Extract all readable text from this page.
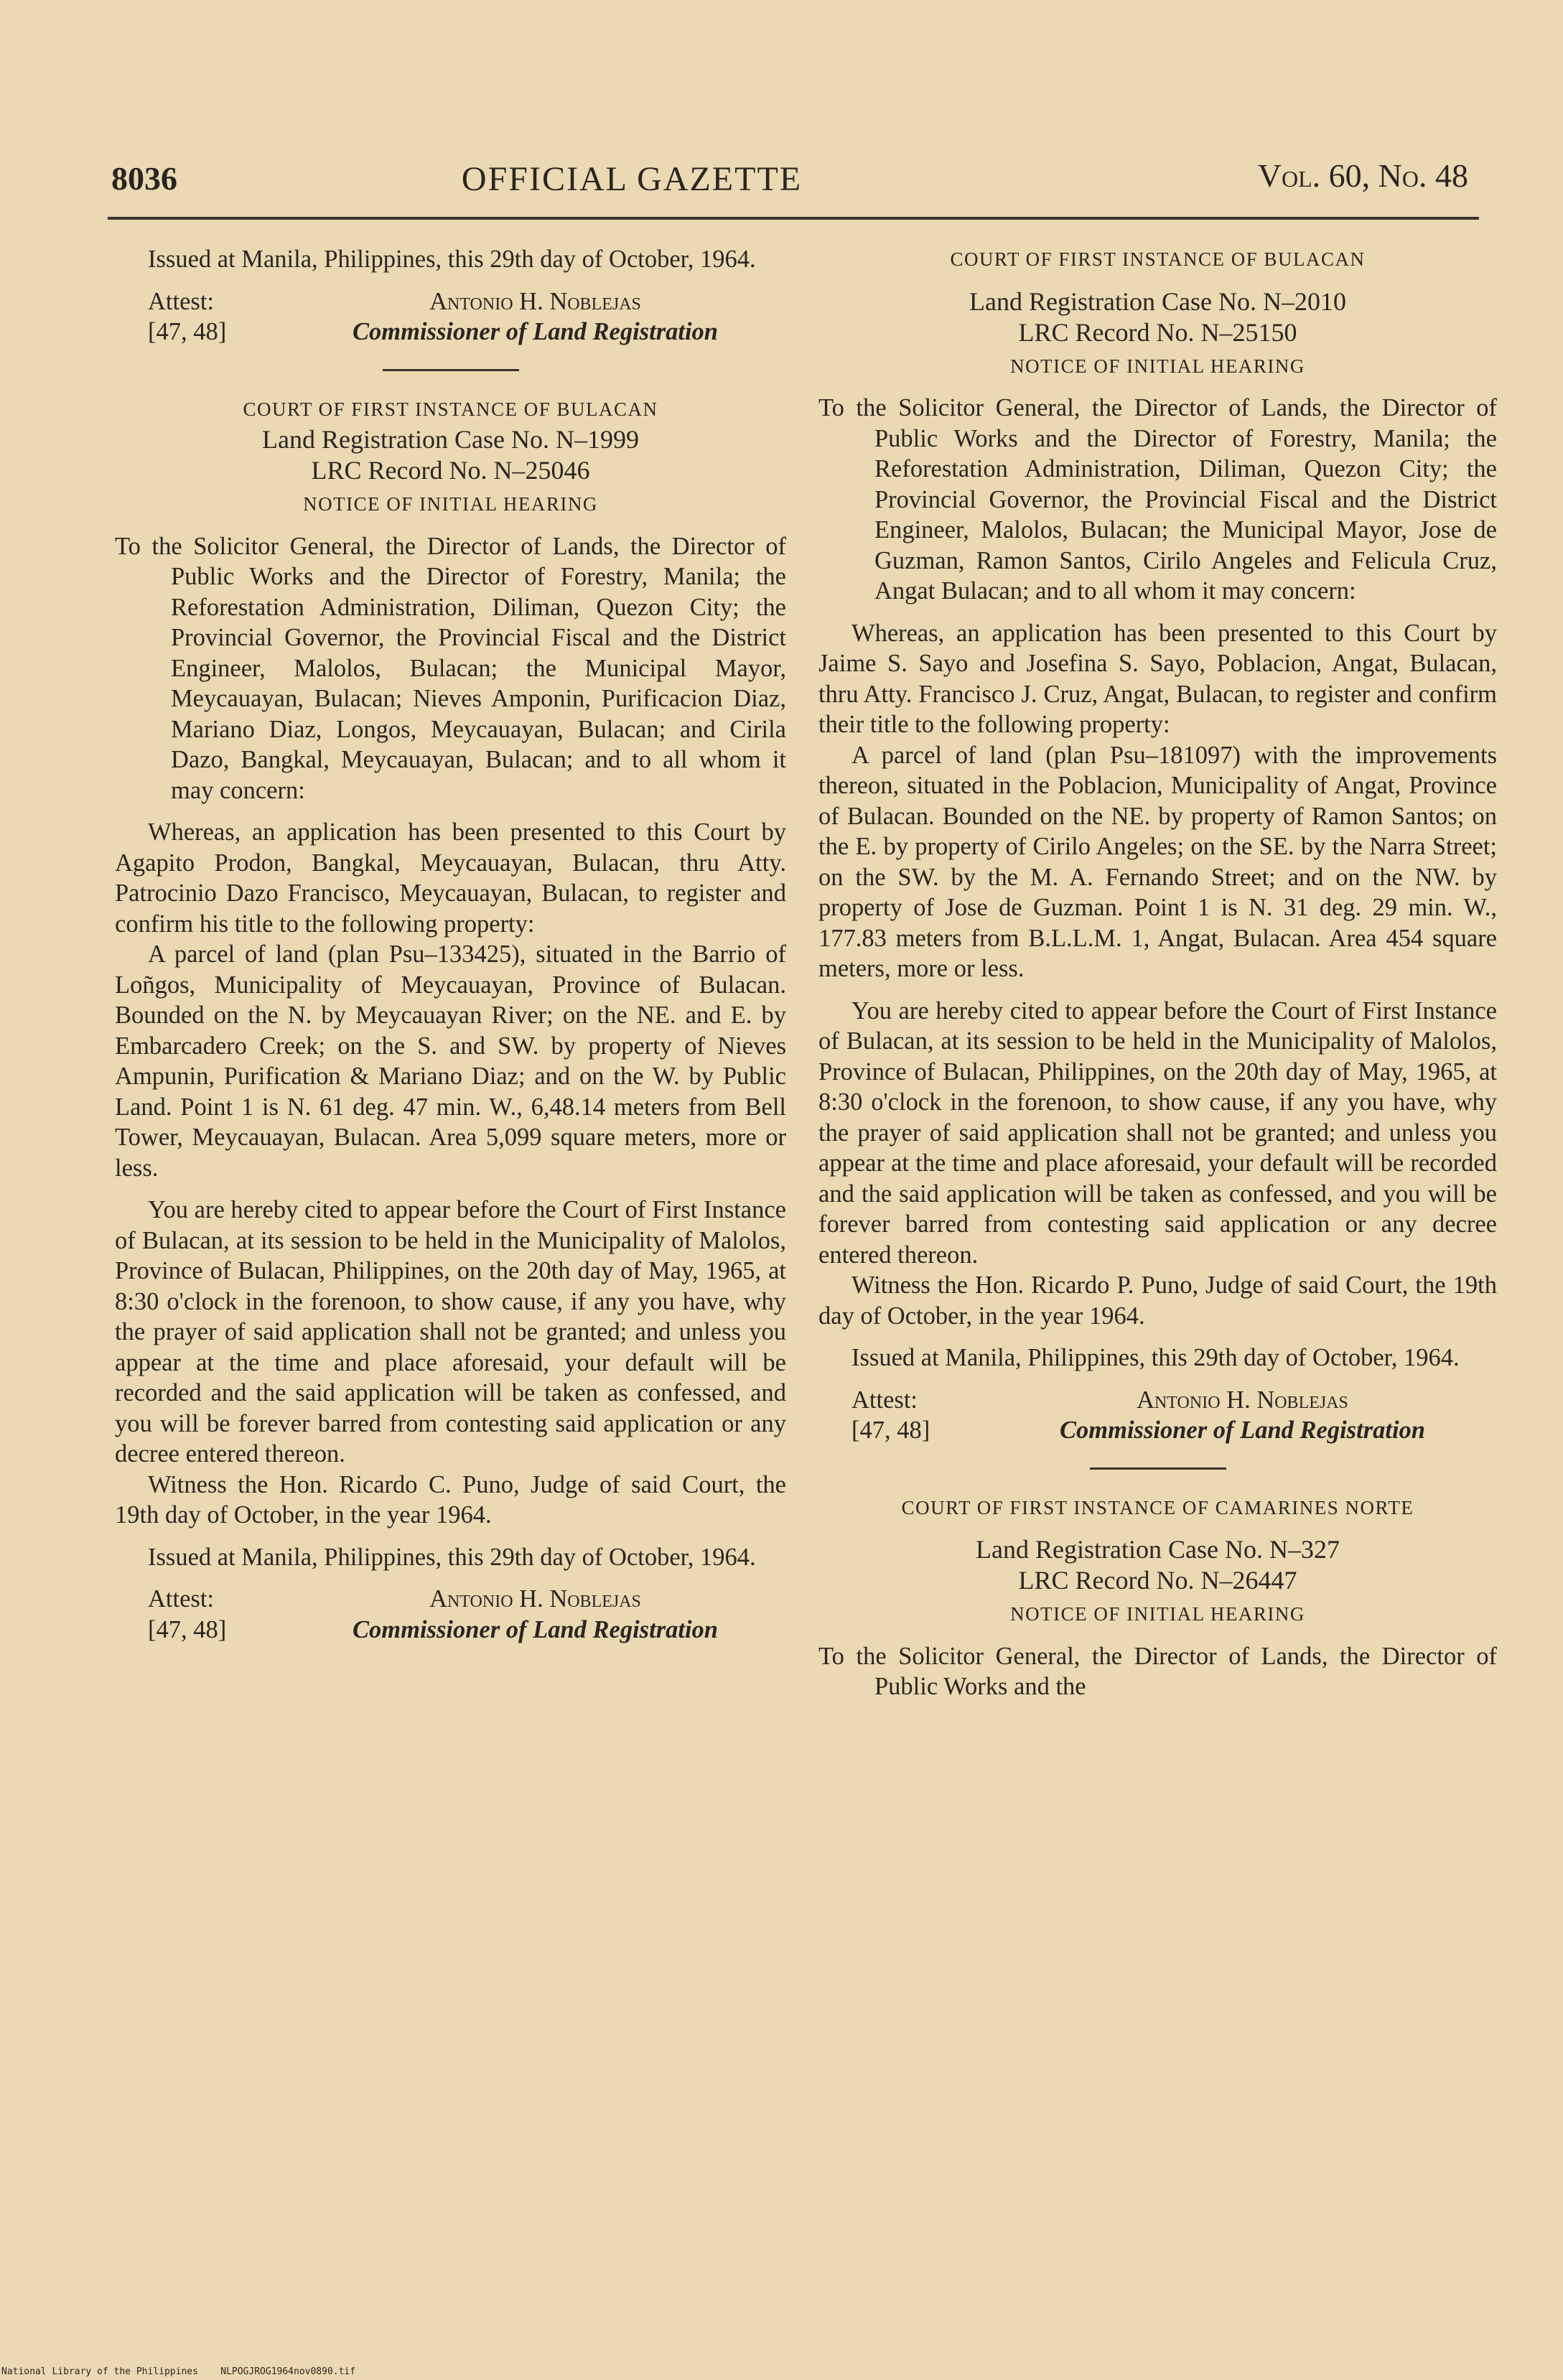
8036	OFFICIAL GAZETTE	Vol. 60, No. 48

Issued at Manila, Philippines, this 29th day of October, 1964.

Attest:	Antonio H. Noblejas
[47, 48]	Commissioner of Land Registration

COURT OF FIRST INSTANCE OF BULACAN

Land Registration Case No. N–1999

LRC Record No. N–25046

NOTICE OF INITIAL HEARING

To the Solicitor General, the Director of Lands, the Director of Public Works and the Director of Forestry, Manila; the Reforestation Administration, Diliman, Quezon City; the Provincial Governor, the Provincial Fiscal and the District Engineer, Malolos, Bulacan; the Municipal Mayor, Meycauayan, Bulacan; Nieves Amponin, Purificacion Diaz, Mariano Diaz, Longos, Meycauayan, Bulacan; and Cirila Dazo, Bangkal, Meycauayan, Bulacan; and to all whom it may concern:

Whereas, an application has been presented to this Court by Agapito Prodon, Bangkal, Meycauayan, Bulacan, thru Atty. Patrocinio Dazo Francisco, Meycauayan, Bulacan, to register and confirm his title to the following property:

A parcel of land (plan Psu–133425), situated in the Barrio of Loñgos, Municipality of Meycauayan, Province of Bulacan. Bounded on the N. by Meycauayan River; on the NE. and E. by Embarcadero Creek; on the S. and SW. by property of Nieves Ampunin, Purification & Mariano Diaz; and on the W. by Public Land. Point 1 is N. 61 deg. 47 min. W., 6,48.14 meters from Bell Tower, Meycauayan, Bulacan. Area 5,099 square meters, more or less.

You are hereby cited to appear before the Court of First Instance of Bulacan, at its session to be held in the Municipality of Malolos, Province of Bulacan, Philippines, on the 20th day of May, 1965, at 8:30 o'clock in the forenoon, to show cause, if any you have, why the prayer of said application shall not be granted; and unless you appear at the time and place aforesaid, your default will be recorded and the said application will be taken as confessed, and you will be forever barred from contesting said application or any decree entered thereon.

Witness the Hon. Ricardo C. Puno, Judge of said Court, the 19th day of October, in the year 1964.

Issued at Manila, Philippines, this 29th day of October, 1964.

Attest:	Antonio H. Noblejas
[47, 48]	Commissioner of Land Registration

COURT OF FIRST INSTANCE OF BULACAN

Land Registration Case No. N–2010

LRC Record No. N–25150

NOTICE OF INITIAL HEARING

To the Solicitor General, the Director of Lands, the Director of Public Works and the Director of Forestry, Manila; the Reforestation Administration, Diliman, Quezon City; the Provincial Governor, the Provincial Fiscal and the District Engineer, Malolos, Bulacan; the Municipal Mayor, Jose de Guzman, Ramon Santos, Cirilo Angeles and Felicula Cruz, Angat Bulacan; and to all whom it may concern:

Whereas, an application has been presented to this Court by Jaime S. Sayo and Josefina S. Sayo, Poblacion, Angat, Bulacan, thru Atty. Francisco J. Cruz, Angat, Bulacan, to register and confirm their title to the following property:

A parcel of land (plan Psu–181097) with the improvements thereon, situated in the Poblacion, Municipality of Angat, Province of Bulacan. Bounded on the NE. by property of Ramon Santos; on the E. by property of Cirilo Angeles; on the SE. by the Narra Street; on the SW. by the M. A. Fernando Street; and on the NW. by property of Jose de Guzman. Point 1 is N. 31 deg. 29 min. W., 177.83 meters from B.L.L.M. 1, Angat, Bulacan. Area 454 square meters, more or less.

You are hereby cited to appear before the Court of First Instance of Bulacan, at its session to be held in the Municipality of Malolos, Province of Bulacan, Philippines, on the 20th day of May, 1965, at 8:30 o'clock in the forenoon, to show cause, if any you have, why the prayer of said application shall not be granted; and unless you appear at the time and place aforesaid, your default will be recorded and the said application will be taken as confessed, and you will be forever barred from contesting said application or any decree entered thereon.

Witness the Hon. Ricardo P. Puno, Judge of said Court, the 19th day of October, in the year 1964.

Issued at Manila, Philippines, this 29th day of October, 1964.

Attest:	Antonio H. Noblejas
[47, 48]	Commissioner of Land Registration

COURT OF FIRST INSTANCE OF CAMARINES NORTE

Land Registration Case No. N–327

LRC Record No. N–26447

NOTICE OF INITIAL HEARING

To the Solicitor General, the Director of Lands, the Director of Public Works and the

National Library of the Philippines NLPOGJROG1964nov0890.tif
